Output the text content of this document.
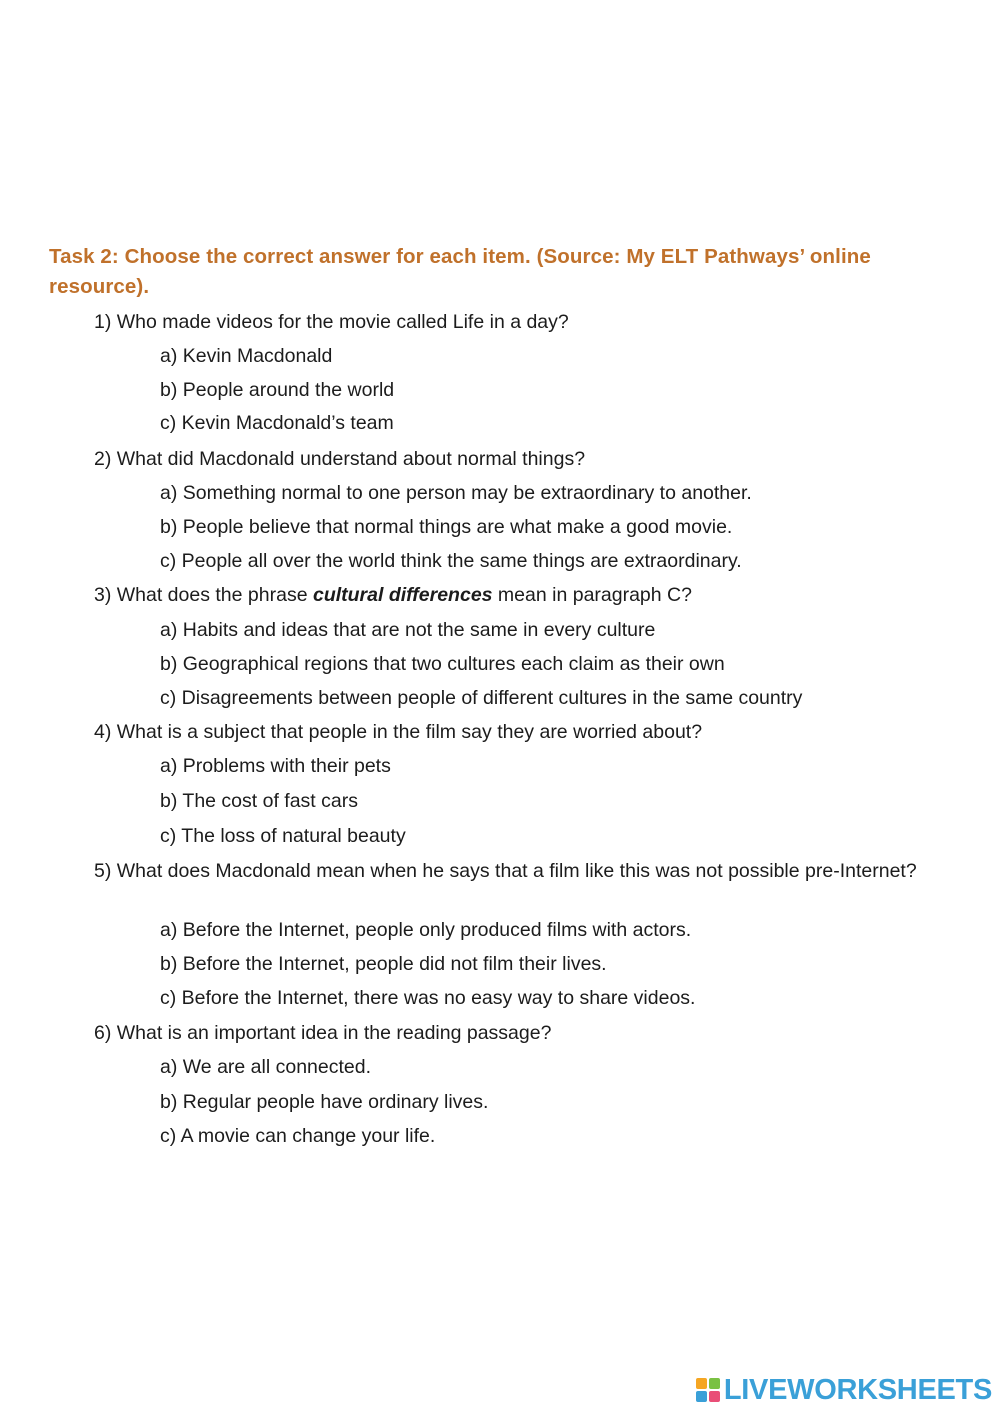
Task 2: Choose the correct answer for each item. (Source: My ELT Pathways’ online resource).
1) Who made videos for the movie called Life in a day?
a) Kevin Macdonald
b) People around the world
c) Kevin Macdonald’s team
2) What did Macdonald understand about normal things?
a) Something normal to one person may be extraordinary to another.
b) People believe that normal things are what make a good movie.
c) People all over the world think the same things are extraordinary.
3) What does the phrase cultural differences mean in paragraph C?
a) Habits and ideas that are not the same in every culture
b) Geographical regions that two cultures each claim as their own
c) Disagreements between people of different cultures in the same country
4) What is a subject that people in the film say they are worried about?
a) Problems with their pets
b) The cost of fast cars
c) The loss of natural beauty
5) What does Macdonald mean when he says that a film like this was not possible pre-Internet?
a) Before the Internet, people only produced films with actors.
b) Before the Internet, people did not film their lives.
c) Before the Internet, there was no easy way to share videos.
6) What is an important idea in the reading passage?
a) We are all connected.
b) Regular people have ordinary lives.
c) A movie can change your life.
LIVEWORKSHEETS
